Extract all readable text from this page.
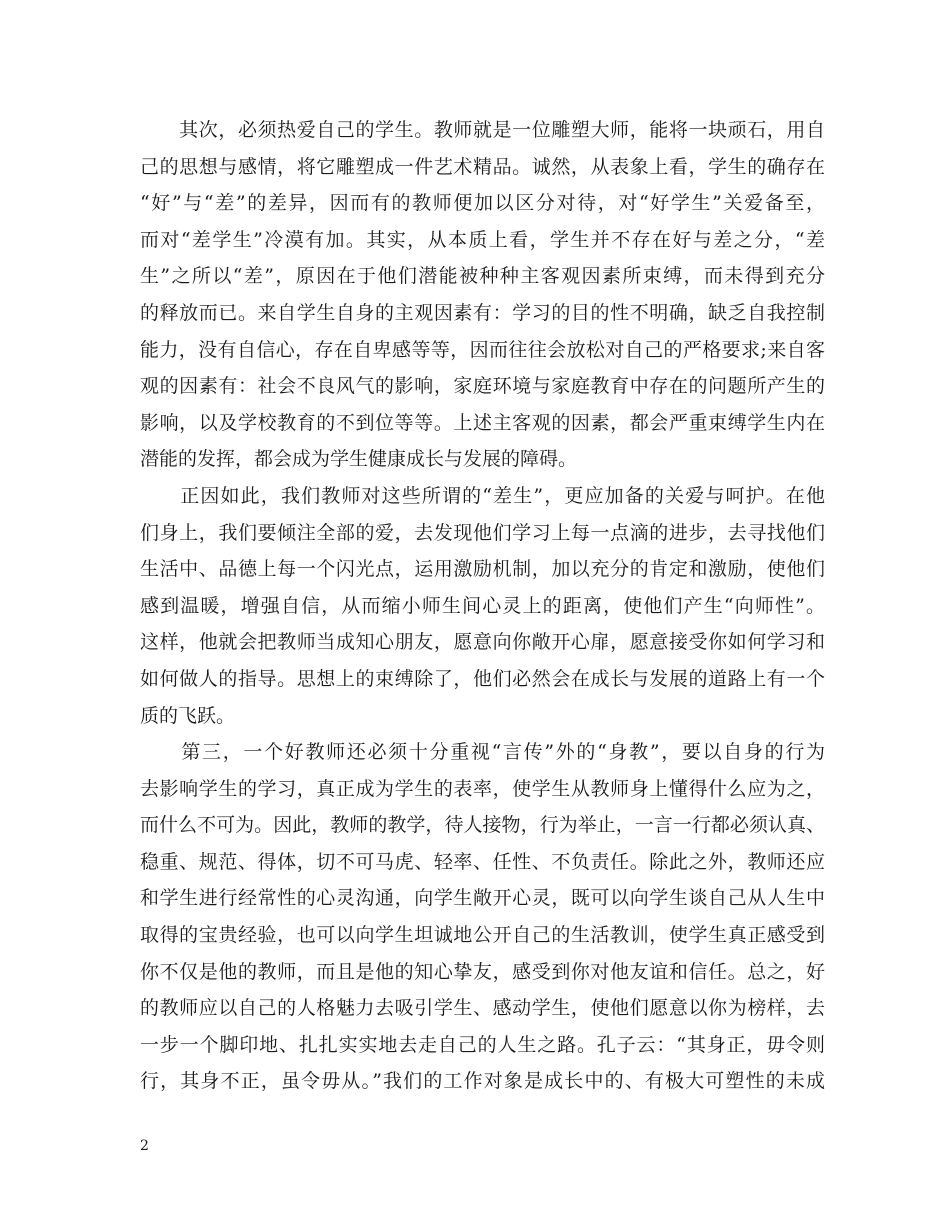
　　其次，必须热爱自己的学生。教师就是一位雕塑大师，能将一块顽石，用自
己的思想与感情，将它雕塑成一件艺术精品。诚然，从表象上看，学生的确存在
“好”与“差”的差异，因而有的教师便加以区分对待，对“好学生”关爱备至，
而对“差学生”冷漠有加。其实，从本质上看，学生并不存在好与差之分，“差
生”之所以“差”，原因在于他们潜能被种种主客观因素所束缚，而未得到充分
的释放而已。来自学生自身的主观因素有：学习的目的性不明确，缺乏自我控制
能力，没有自信心，存在自卑感等等，因而往往会放松对自己的严格要求;来自客
观的因素有：社会不良风气的影响，家庭环境与家庭教育中存在的问题所产生的
影响，以及学校教育的不到位等等。上述主客观的因素，都会严重束缚学生内在
潜能的发挥，都会成为学生健康成长与发展的障碍。
　　正因如此，我们教师对这些所谓的“差生”，更应加备的关爱与呵护。在他
们身上，我们要倾注全部的爱，去发现他们学习上每一点滴的进步，去寻找他们
生活中、品德上每一个闪光点，运用激励机制，加以充分的肯定和激励，使他们
感到温暖，增强自信，从而缩小师生间心灵上的距离，使他们产生“向师性”。
这样，他就会把教师当成知心朋友，愿意向你敞开心扉，愿意接受你如何学习和
如何做人的指导。思想上的束缚除了，他们必然会在成长与发展的道路上有一个
质的飞跃。
　　第三，一个好教师还必须十分重视“言传”外的“身教”，要以自身的行为
去影响学生的学习，真正成为学生的表率，使学生从教师身上懂得什么应为之，
而什么不可为。因此，教师的教学，待人接物，行为举止，一言一行都必须认真、
稳重、规范、得体，切不可马虎、轻率、任性、不负责任。除此之外，教师还应
和学生进行经常性的心灵沟通，向学生敞开心灵，既可以向学生谈自己从人生中
取得的宝贵经验，也可以向学生坦诚地公开自己的生活教训，使学生真正感受到
你不仅是他的教师，而且是他的知心挚友，感受到你对他友谊和信任。总之，好
的教师应以自己的人格魅力去吸引学生、感动学生，使他们愿意以你为榜样，去
一步一个脚印地、扎扎实实地去走自己的人生之路。孔子云：“其身正，毋令则
行，其身不正，虽令毋从。”我们的工作对象是成长中的、有极大可塑性的未成
2
